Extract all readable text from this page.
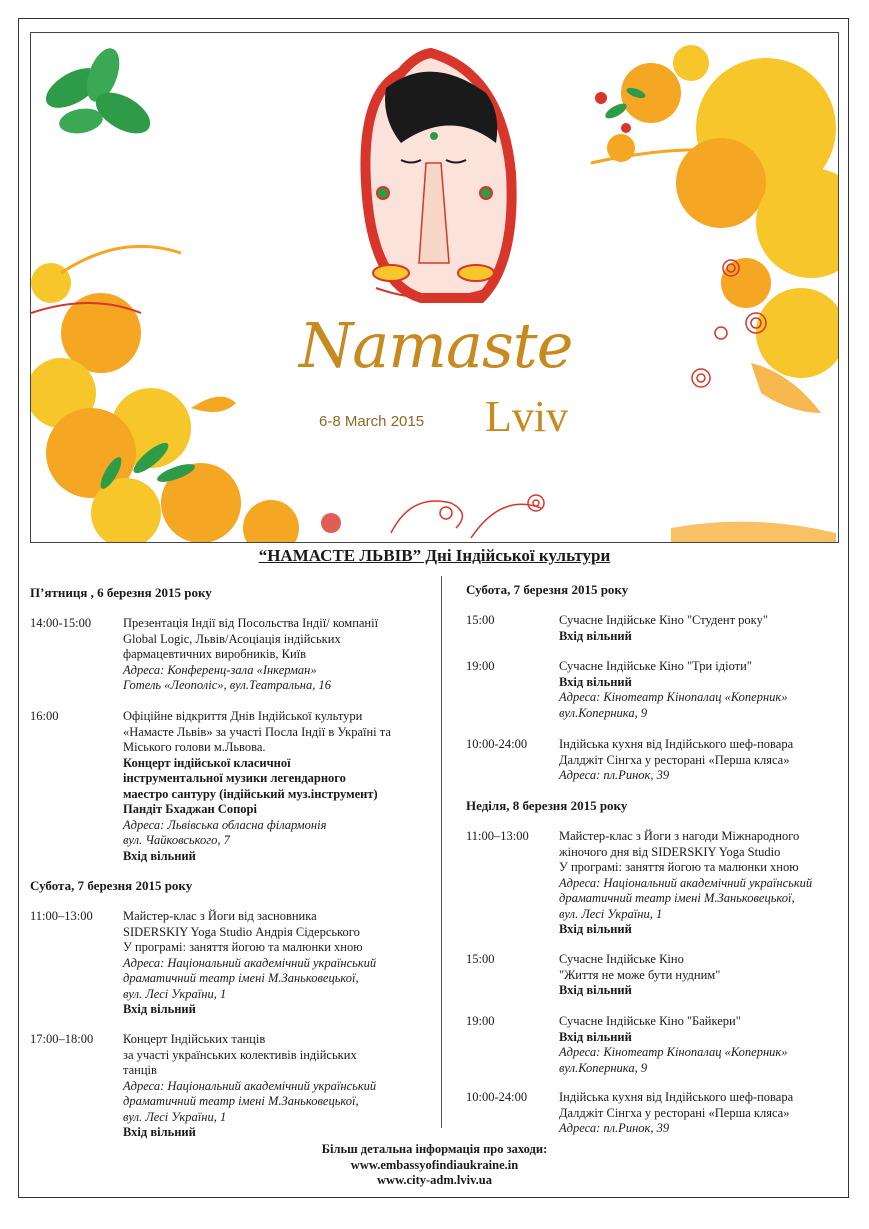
Namaste
Lviv
6-8 March 2015
“НАМАСТЕ ЛЬВІВ” Дні Індійської культури
П’ятниця , 6 березня 2015 року
14:00-15:00	Презентація Індії від Посольства Індії/ компанії
Global Logic, Львів/Асоціація індійських
фармацевтичних виробників, Київ
Адреса: Конференц-зала «Інкерман»
Готель «Леополіс», вул.Театральна, 16
16:00	Офіційне відкриття Днів Індійської культури
«Намасте Львів» за участі Посла Індії в Україні та
Міського голови м.Львова.
Концерт індійської класичної
інструментальної музики легендарного
маестро сантуру (індійський муз.інструмент)
Пандіт Бхаджан Сопорі
Адреса: Львівська обласна філармонія
вул. Чайковського, 7
Вхід вільний
Субота, 7 березня 2015 року
11:00–13:00 Майстер-клас з Йоги від засновника
SIDERSKIY Yoga Studio Андрія Сідерського
У програмі: заняття йогою та малюнки хною
Адреса: Національний академічний український
драматичний театр імені М.Заньковецької,
вул. Лесі України, 1
Вхід вільний
17:00–18:00 Концерт Індійських танців
за участі українських колективів індійських
танців
Адреса: Національний академічний український
драматичний театр імені М.Заньковецької,
вул. Лесі України, 1
Вхід вільний
Субота, 7 березня 2015 року
15:00	Сучасне Індійське Кіно "Студент року"
Вхід вільний
19:00	Сучасне Індійське Кіно "Три ідіоти"
Вхід вільний
Адреса: Кінотеатр Кінопалац «Коперник»
вул.Коперника, 9
10:00-24:00	Індійська кухня від Індійського шеф-повара
Далджіт Сінгха у ресторані «Перша кляса»
Адреса: пл.Ринок, 39
Неділя, 8 березня 2015 року
11:00–13:00 Майстер-клас з Йоги з нагоди Міжнародного
жіночого дня від SIDERSKIY Yoga Studio
У програмі: заняття йогою та малюнки хною
Адреса: Національний академічний український
драматичний театр імені М.Заньковецької,
вул. Лесі України, 1
Вхід вільний
15:00	Сучасне Індійське Кіно
"Життя не може бути нудним"
Вхід вільний
19:00	Сучасне Індійське Кіно "Байкери"
Вхід вільний
Адреса: Кінотеатр Кінопалац «Коперник»
вул.Коперника, 9
10:00-24:00	Індійська кухня від Індійського шеф-повара
Далджіт Сінгха у ресторані «Перша кляса»
Адреса: пл.Ринок, 39
Більш детальна інформація про заходи:
www.embassyofindiaukraine.in
www.city-adm.lviv.ua
